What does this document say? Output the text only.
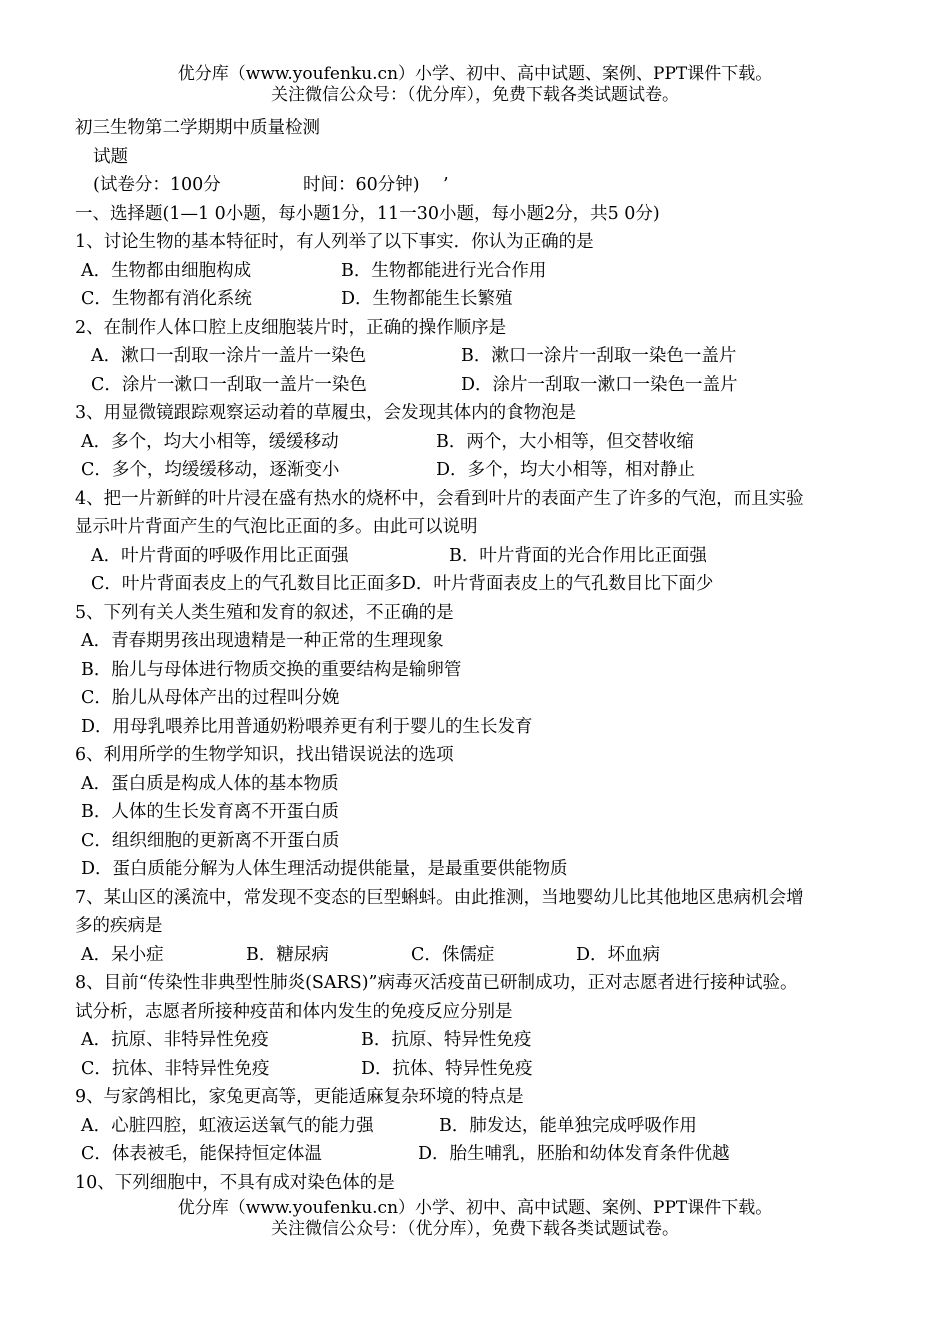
优分库（www.youfenku.cn）小学、初中、高中试题、案例、PPT课件下载。
关注微信公众号：（优分库），免费下载各类试题试卷。
初三生物第二学期期中质量检测
试题
(试卷分：100分	时间：60分钟) ’
一、选择题(1—1 0小题，每小题1分，11一30小题，每小题2分，共5 0分)
1、讨论生物的基本特征时，有人列举了以下事实．你认为正确的是
A．生物都由细胞构成	B．生物都能进行光合作用
C．生物都有消化系统	D．生物都能生长繁殖
2、在制作人体口腔上皮细胞装片时，正确的操作顺序是
A．漱口一刮取一涂片一盖片一染色	B．漱口一涂片一刮取一染色一盖片
C．涂片一漱口一刮取一盖片一染色	D．涂片一刮取一漱口一染色一盖片
3、用显微镜跟踪观察运动着的草履虫，会发现其体内的食物泡是
A．多个，均大小相等，缓缓移动	B．两个，大小相等，但交替收缩
C．多个，均缓缓移动，逐渐变小	D．多个，均大小相等，相对静止
4、把一片新鲜的叶片浸在盛有热水的烧杯中，会看到叶片的表面产生了许多的气泡，而且实验
显示叶片背面产生的气泡比正面的多。由此可以说明
A．叶片背面的呼吸作用比正面强	B．叶片背面的光合作用比正面强
C．叶片背面表皮上的气孔数目比正面多D．叶片背面表皮上的气孔数目比下面少
5、下列有关人类生殖和发育的叙述，不正确的是
A．青春期男孩出现遗精是一种正常的生理现象
B．胎儿与母体进行物质交换的重要结构是输卵管
C．胎儿从母体产出的过程叫分娩
D．用母乳喂养比用普通奶粉喂养更有利于婴儿的生长发育
6、利用所学的生物学知识，找出错误说法的选项
A．蛋白质是构成人体的基本物质
B．人体的生长发育离不开蛋白质
C．组织细胞的更新离不开蛋白质
D．蛋白质能分解为人体生理活动提供能量，是最重要供能物质
7、某山区的溪流中，常发现不变态的巨型蝌蚪。由此推测，当地婴幼儿比其他地区患病机会增
多的疾病是
A．呆小症	B．糖尿病	C．侏儒症	D．坏血病
8、目前“传染性非典型性肺炎(SARS)”病毒灭活疫苗已研制成功，正对志愿者进行接种试验。
试分析，志愿者所接种疫苗和体内发生的免疫反应分别是
A．抗原、非特异性免疫	B．抗原、特异性免疫
C．抗体、非特异性免疫	D．抗体、特异性免疫
9、与家鸽相比，家兔更高等，更能适麻复杂环境的特点是
A．心脏四腔，虹液运送氧气的能力强	B．肺发达，能单独完成呼吸作用
C．体表被毛，能保持恒定体温	D．胎生哺乳，胚胎和幼体发育条件优越
10、下列细胞中，不具有成对染色体的是
优分库（www.youfenku.cn）小学、初中、高中试题、案例、PPT课件下载。
关注微信公众号：（优分库），免费下载各类试题试卷。
